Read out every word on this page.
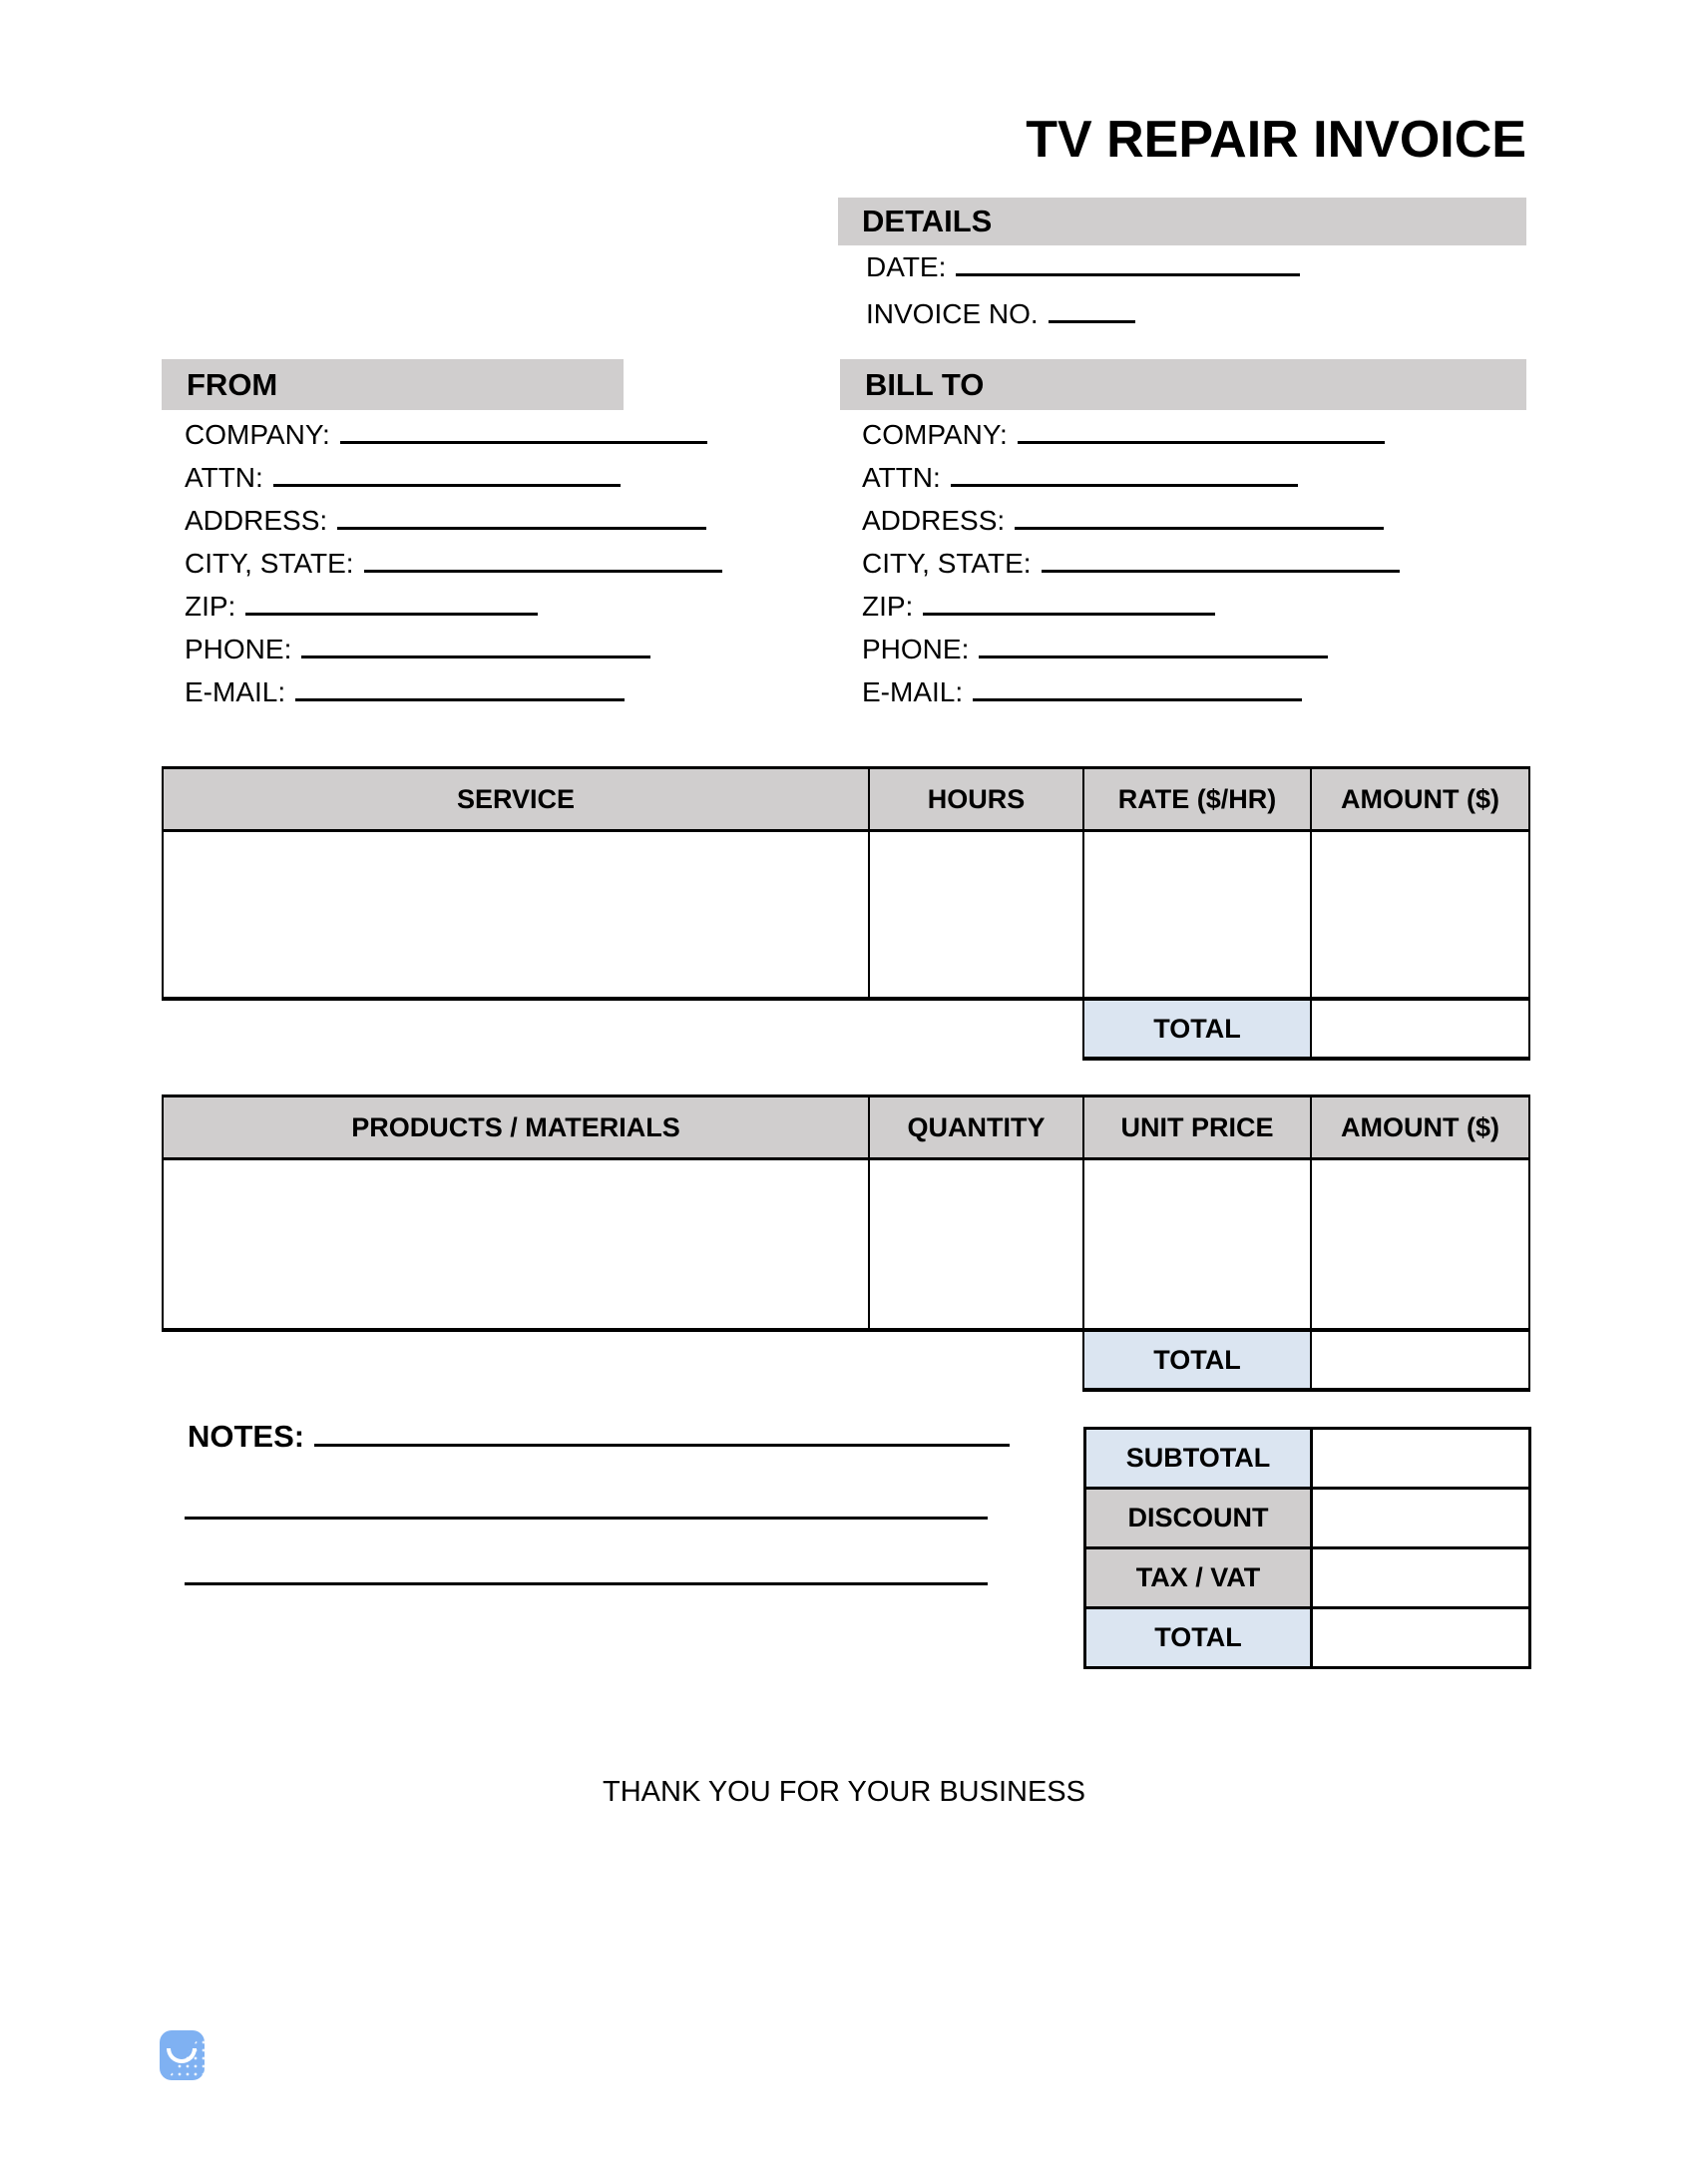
TV REPAIR INVOICE
DETAILS
DATE:
INVOICE NO.
FROM
COMPANY:
ATTN:
ADDRESS:
CITY, STATE:
ZIP:
PHONE:
E-MAIL:
BILL TO
COMPANY:
ATTN:
ADDRESS:
CITY, STATE:
ZIP:
PHONE:
E-MAIL:
SERVICE	HOURS	RATE ($/HR)	AMOUNT ($)

		TOTAL	
PRODUCTS / MATERIALS	QUANTITY	UNIT PRICE	AMOUNT ($)

		TOTAL	
NOTES:
SUBTOTAL	
DISCOUNT	
TAX / VAT	
TOTAL	
THANK YOU FOR YOUR BUSINESS
